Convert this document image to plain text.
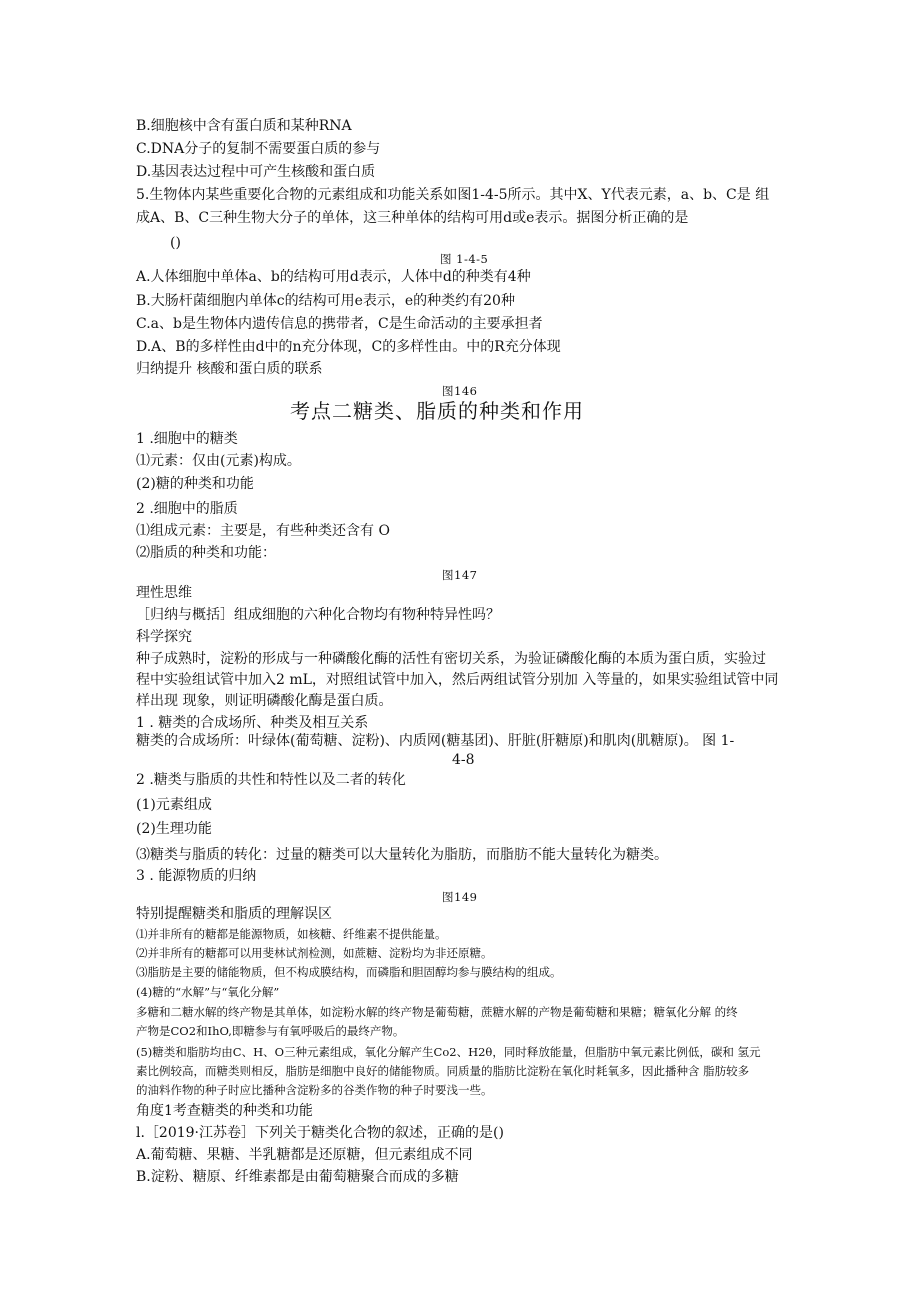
B.细胞核中含有蛋白质和某种RNA
C.DNA分子的复制不需要蛋白质的参与
D.基因表达过程中可产生核酸和蛋白质
5.生物体内某些重要化合物的元素组成和功能关系如图1-4-5所示。其中X、Y代表元素，a、b、C是 组
成A、B、C三种生物大分子的单体，这三种单体的结构可用d或e表示。据图分析正确的是
()
图 1-4-5
A.人体细胞中单体a、b的结构可用d表示，人体中d的种类有4种
B.大肠杆菌细胞内单体c的结构可用e表示，e的种类约有20种
C.a、b是生物体内遗传信息的携带者，C是生命活动的主要承担者
D.A、B的多样性由d中的n充分体现，C的多样性由。中的R充分体现
归纳提升 核酸和蛋白质的联系
图146
考点二糖类、脂质的种类和作用
1 .细胞中的糖类
⑴元素：仅由(元素)构成。
(2)糖的种类和功能
2 .细胞中的脂质
⑴组成元素：主要是，有些种类还含有 O
⑵脂质的种类和功能：
图147
理性思维
［归纳与概括］组成细胞的六种化合物均有物种特异性吗？
科学探究
种子成熟时，淀粉的形成与一种磷酸化酶的活性有密切关系，为验证磷酸化酶的本质为蛋白质，实验过
程中实验组试管中加入2 mL，对照组试管中加入，然后两组试管分别加 入等量的，如果实验组试管中同
样出现 现象，则证明磷酸化酶是蛋白质。
1 . 糖类的合成场所、种类及相互关系
糖类的合成场所：叶绿体(葡萄糖、淀粉)、内质网(糖基团)、肝脏(肝糖原)和肌肉(肌糖原)。 图 1-
4-8
2 .糖类与脂质的共性和特性以及二者的转化
(1)元素组成
(2)生理功能
⑶糖类与脂质的转化：过量的糖类可以大量转化为脂肪，而脂肪不能大量转化为糖类。
3 . 能源物质的归纳
图149
特别提醒糖类和脂质的理解误区
⑴并非所有的糖都是能源物质，如核糖、纤维素不提供能量。
⑵并非所有的糖都可以用斐林试剂检测，如蔗糖、淀粉均为非还原糖。
⑶脂肪是主要的储能物质，但不构成膜结构，而磷脂和胆固醇均参与膜结构的组成。
(4)糖的“水解”与“氧化分解”
多糖和二糖水解的终产物是其单体，如淀粉水解的终产物是葡萄糖，蔗糖水解的产物是葡萄糖和果糖；糖氧化分解 的终
产物是CO2和IhO,即糖参与有氧呼吸后的最终产物。
(5)糖类和脂肪均由C、H、O三种元素组成，氧化分解产生Co2、H2θ，同时释放能量，但脂肪中氧元素比例低，碳和 氢元
素比例较高，而糖类则相反，脂肪是细胞中良好的储能物质。同质量的脂肪比淀粉在氧化时耗氧多，因此播种含 脂肪较多
的油料作物的种子时应比播种含淀粉多的谷类作物的种子时要浅一些。
角度1考查糖类的种类和功能
l.［2019·江苏卷］下列关于糖类化合物的叙述，正确的是()
A.葡萄糖、果糖、半乳糖都是还原糖，但元素组成不同
B.淀粉、糖原、纤维素都是由葡萄糖聚合而成的多糖
